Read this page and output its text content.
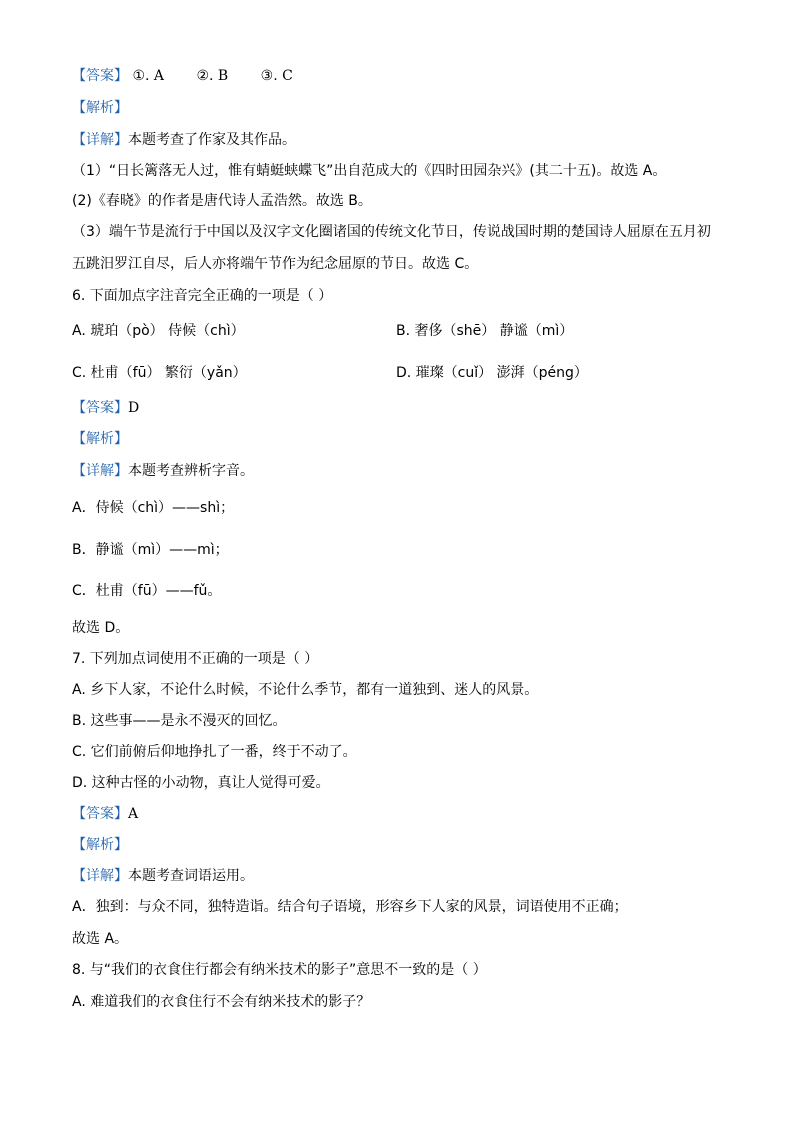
【答案】 ①. A ②. B ③. C
【解析】
【详解】本题考查了作家及其作品。
（1）“日长篱落无人过，惟有蜻蜓蛱蝶飞”出自范成大的《四时田园杂兴》(其二十五)。故选 A。
(2)《春晓》的作者是唐代诗人孟浩然。故选 B。
（3）端午节是流行于中国以及汉字文化圈诸国的传统文化节日，传说战国时期的楚国诗人屈原在五月初
五跳汨罗江自尽，后人亦将端午节作为纪念屈原的节日。故选 C。
6. 下面加点字注音完全正确的一项是（ ）
A. 琥珀（pò） 侍候（chì）	B. 奢侈（shē） 静谧（mì）
C. 杜甫（fū） 繁衍（yǎn）	D. 璀璨（cuǐ） 澎湃（péng）
【答案】D
【解析】
【详解】本题考查辨析字音。
A．侍候（chì）——shì；
B．静谧（mì）——mì；
C．杜甫（fū）——fǔ。
故选 D。
7. 下列加点词使用不正确的一项是（ ）
A. 乡下人家，不论什么时候，不论什么季节，都有一道独到、迷人的风景。
B. 这些事——是永不漫灭的回忆。
C. 它们前俯后仰地挣扎了一番，终于不动了。
D. 这种古怪的小动物，真让人觉得可爱。
【答案】A
【解析】
【详解】本题考查词语运用。
A．独到：与众不同，独特造诣。结合句子语境，形容乡下人家的风景，词语使用不正确；
故选 A。
8. 与“我们的衣食住行都会有纳米技术的影子”意思不一致的是（ ）
A. 难道我们的衣食住行不会有纳米技术的影子？
